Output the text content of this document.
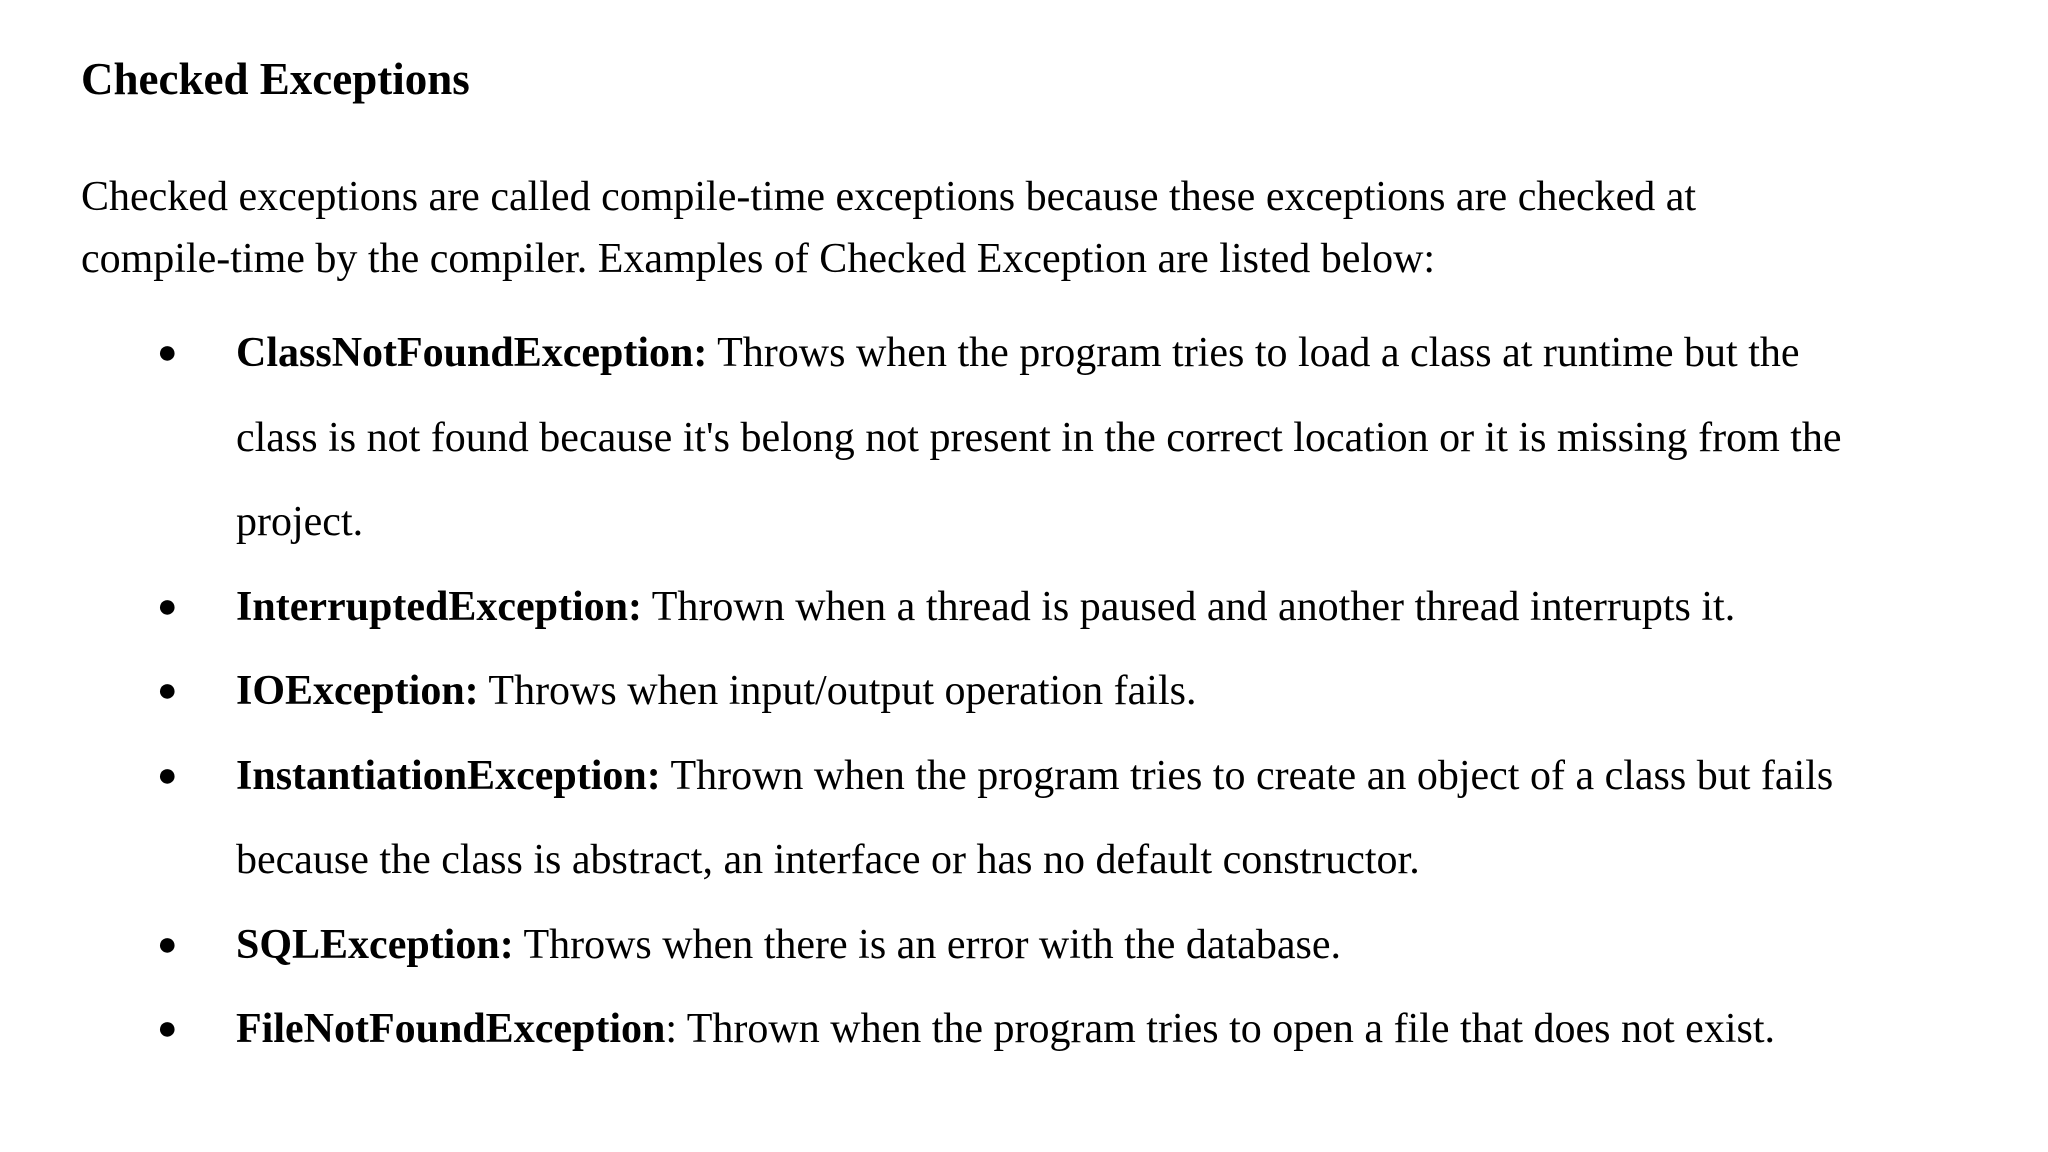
Checked Exceptions

Checked exceptions are called compile-time exceptions because these exceptions are checked at
compile-time by the compiler. Examples of Checked Exception are listed below:

● ClassNotFoundException: Throws when the program tries to load a class at runtime but the
class is not found because it's belong not present in the correct location or it is missing from the
project.
● InterruptedException: Thrown when a thread is paused and another thread interrupts it.
● IOException: Throws when input/output operation fails.
● InstantiationException: Thrown when the program tries to create an object of a class but fails
because the class is abstract, an interface or has no default constructor.
● SQLException: Throws when there is an error with the database.
● FileNotFoundException: Thrown when the program tries to open a file that does not exist.
